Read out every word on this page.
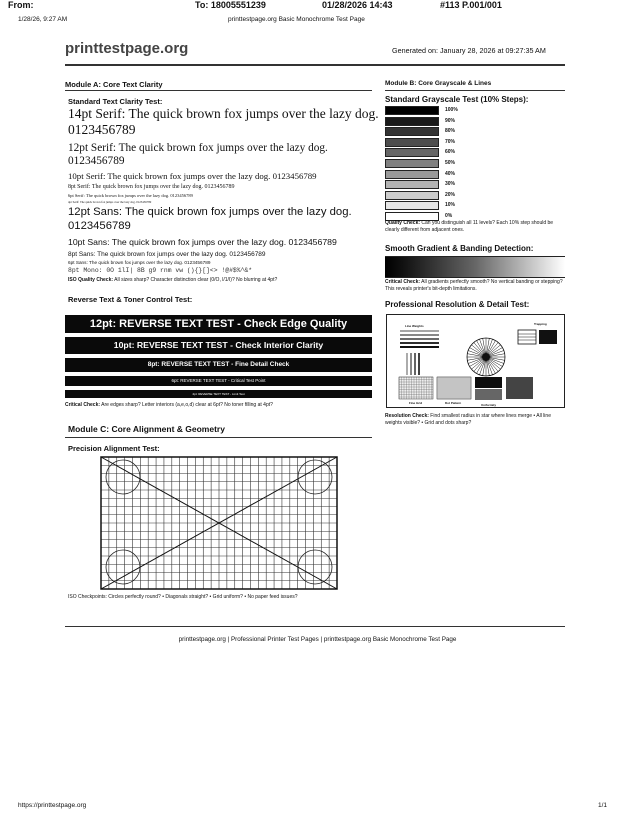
From:	To: 18005551239	01/28/2026 14:43	#113 P.001/001
1/28/26, 9:27 AM	printtestpage.org Basic Monochrome Test Page
printtestpage.org	Generated on: January 28, 2026 at 09:27:35 AM
Module A: Core Text Clarity
Standard Text Clarity Test:
14pt Serif: The quick brown fox jumps over the lazy dog.
0123456789
12pt Serif: The quick brown fox jumps over the lazy dog.
0123456789
10pt Serif: The quick brown fox jumps over the lazy dog. 0123456789
8pt Serif: The quick brown fox jumps over the lazy dog. 0123456789
6pt Serif: The quick brown fox jumps over the lazy dog. 0123456789
4pt Serif: The quick brown fox jumps over the lazy dog. 0123456789
12pt Sans: The quick brown fox jumps over the lazy dog.
0123456789
10pt Sans: The quick brown fox jumps over the lazy dog. 0123456789
8pt Sans: The quick brown fox jumps over the lazy dog. 0123456789
6pt Sans: The quick brown fox jumps over the lazy dog. 0123456789
8pt Mono: 0O 1lI| 8B g9 rnm vw (){}[]<> !@#$%^&*
ISO Quality Check: All sizes sharp? Character distinction clear (0/O, l/1/I)? No blurring at 4pt?
Reverse Text & Toner Control Test:
12pt: REVERSE TEXT TEST - Check Edge Quality
10pt: REVERSE TEXT TEST - Check Interior Clarity
8pt: REVERSE TEXT TEST - Fine Detail Check
6pt: REVERSE TEXT TEST - Critical Test Point
4pt: REVERSE TEXT TEST - Limit Test
Critical Check: Are edges sharp? Letter interiors (a,e,o,d) clear at 6pt? No toner filling at 4pt?
Module C: Core Alignment & Geometry
Precision Alignment Test:
ISO Checkpoints: Circles perfectly round? • Diagonals straight? • Grid uniform? • No paper feed issues?
Module B: Core Grayscale & Lines
Standard Grayscale Test (10% Steps):
100%
90%
80%
70%
60%
50%
40%
30%
20%
10%
0%
Quality Check: Can you distinguish all 11 levels? Each 10% step should be clearly different from adjacent ones.
Smooth Gradient & Banding Detection:
Critical Check: All gradients perfectly smooth? No vertical banding or stepping? This reveals printer's bit-depth limitations.
Professional Resolution & Detail Test:
Line Weights	Trapping
Fine Grid	Dot Pattern	Uniformity
Resolution Check: Find smallest radius in star where lines merge • All line weights visible? • Grid and dots sharp?
printtestpage.org | Professional Printer Test Pages | printtestpage.org Basic Monochrome Test Page
https://printtestpage.org	1/1
